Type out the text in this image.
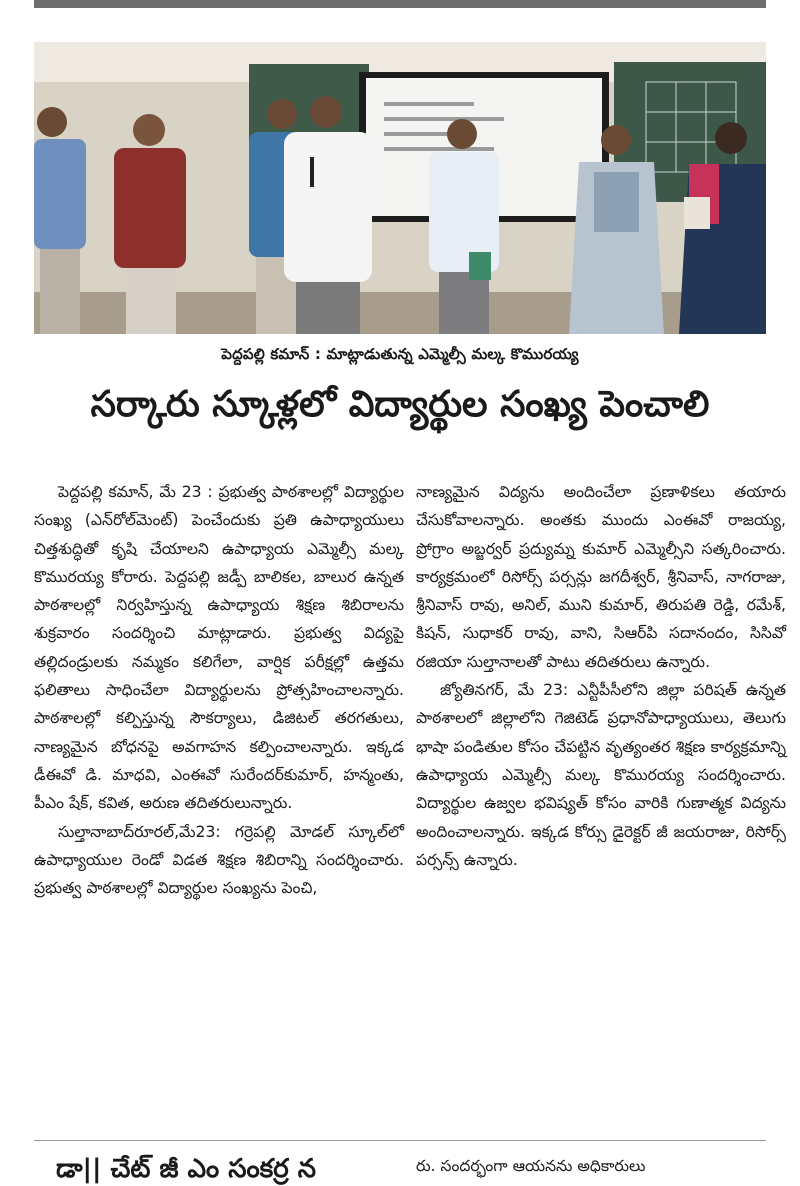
పెద్దపల్లి కమాన్ : మాట్లాడుతున్న ఎమ్మెల్సీ మల్క కొమురయ్య
సర్కారు స్కూళ్లలో విద్యార్థుల సంఖ్య పెంచాలి

పెద్దపల్లి కమాన్, మే 23 : ప్రభుత్వ పాఠశాలల్లో విద్యార్థుల సంఖ్య (ఎన్‌రోల్‌మెంట్) పెంచేందుకు ప్రతి ఉపాధ్యాయులు చిత్తశుద్ధితో కృషి చేయాలని ఉపాధ్యాయ ఎమ్మెల్సీ మల్క కొమురయ్య కోరారు. పెద్దపల్లి జడ్పీ బాలికల, బాలుర ఉన్నత పాఠశాలల్లో నిర్వహిస్తున్న ఉపాధ్యాయ శిక్షణ శిబిరాలను శుక్రవారం సందర్శించి మాట్లాడారు. ప్రభుత్వ విద్యపై తల్లిదండ్రులకు నమ్మకం కలిగేలా, వార్షిక పరీక్షల్లో ఉత్తమ ఫలితాలు సాధించేలా విద్యార్థులను ప్రోత్సహించాలన్నారు. పాఠశాలల్లో కల్పిస్తున్న సౌకర్యాలు, డిజిటల్ తరగతులు, నాణ్యమైన బోధనపై అవగాహన కల్పించాలన్నారు. ఇక్కడ డీఈవో డి. మాధవి, ఎంఈవో సురేందర్‌కుమార్, హన్మంతు, పీఎం షేక్, కవిత, అరుణ తదితరులున్నారు.

సుల్తానాబాద్‌రూరల్,మే23: గర్రెపల్లి మోడల్ స్కూల్‌లో ఉపాధ్యాయుల రెండో విడత శిక్షణ శిబిరాన్ని సందర్శించారు. ప్రభుత్వ పాఠశాలల్లో విద్యార్థుల సంఖ్యను పెంచి,

నాణ్యమైన విద్యను అందించేలా ప్రణాళికలు తయారు చేసుకోవాలన్నారు. అంతకు ముందు ఎంఈవో రాజయ్య, ప్రోగ్రాం అబ్జర్వర్ ప్రద్యుమ్న కుమార్ ఎమ్మెల్సీని సత్కరించారు. కార్యక్రమంలో రిసోర్స్ పర్సన్లు జగదీశ్వర్, శ్రీనివాస్, నాగరాజు, శ్రీనివాస్ రావు, అనిల్, ముని కుమార్, తిరుపతి రెడ్డి, రమేశ్, కిషన్, సుధాకర్ రావు, వాని, సిఆర్‌పి సదానందం, సిసివో రజియా సుల్తానాలతో పాటు తదితరులు ఉన్నారు.

జ్యోతినగర్, మే 23: ఎన్టీపీసీలోని జిల్లా పరిషత్ ఉన్నత పాఠశాలలో జిల్లాలోని గెజిటెడ్ ప్రధానోపాధ్యాయులు, తెలుగు భాషా పండితుల కోసం చేపట్టిన వృత్యంతర శిక్షణ కార్యక్రమాన్ని ఉపాధ్యాయ ఎమ్మెల్సీ మల్క కొమురయ్య సందర్శించారు. విద్యార్థుల ఉజ్వల భవిష్యత్ కోసం వారికి గుణాత్మక విద్యను అందించాలన్నారు. ఇక్కడ కోర్సు డైరెక్టర్ జీ జయరాజు, రిసోర్స్ పర్సన్స్ ఉన్నారు.

డా|| చేట్ జీ ఎం సంకర్ర న	రు. సందర్భంగా ఆయనను అధికారులు
